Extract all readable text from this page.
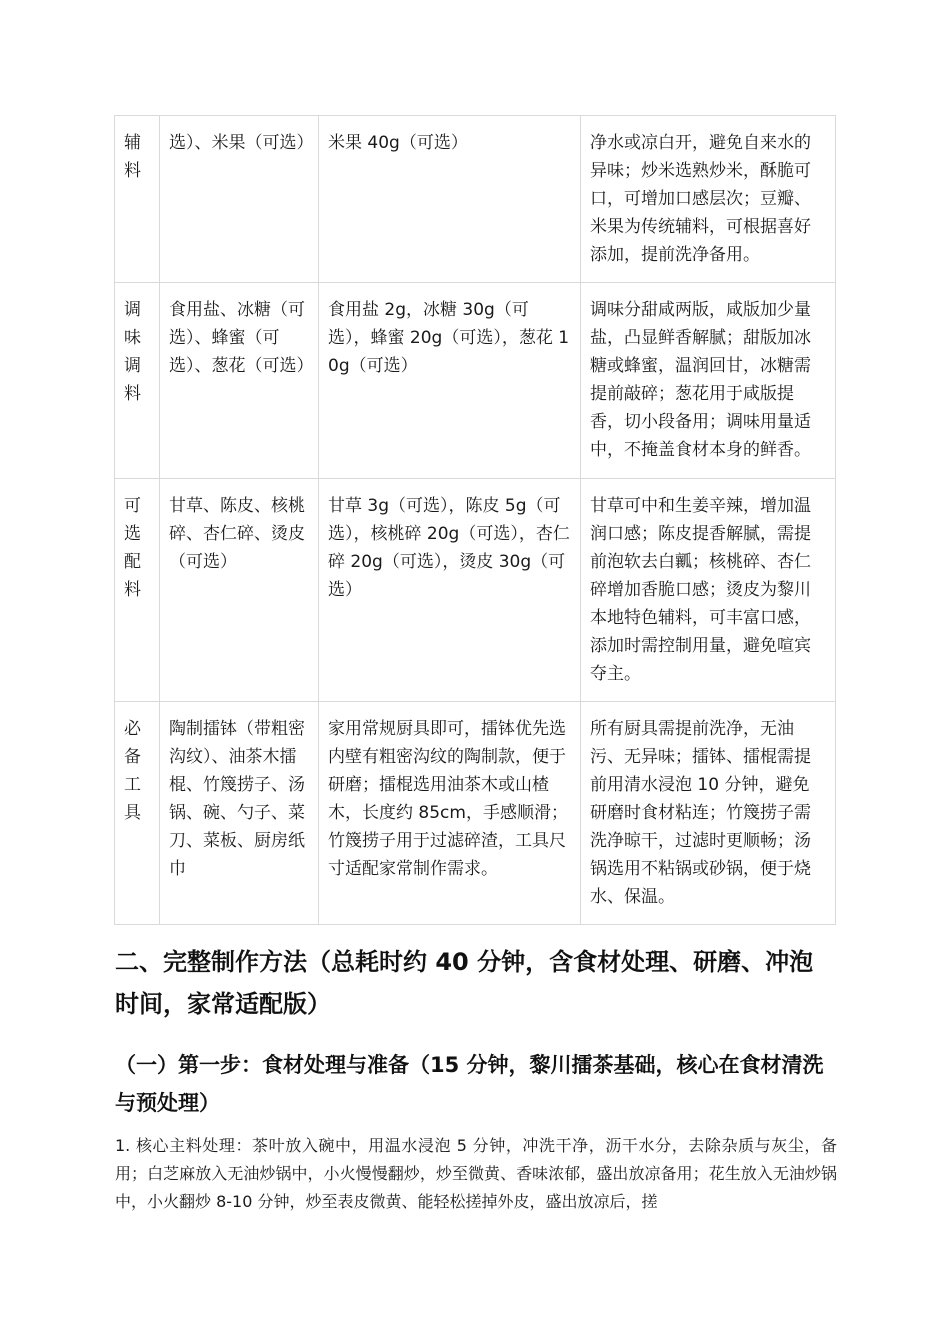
辅料	选）、米果（可选）	米果 40g（可选）	净水或凉白开，避免自来水的异味；炒米选熟炒米，酥脆可口，可增加口感层次；豆瓣、米果为传统辅料，可根据喜好添加，提前洗净备用。
调味调料	食用盐、冰糖（可选）、蜂蜜（可选）、葱花（可选）	食用盐 2g，冰糖 30g（可选），蜂蜜 20g（可选），葱花 10g（可选）	调味分甜咸两版，咸版加少量盐，凸显鲜香解腻；甜版加冰糖或蜂蜜，温润回甘，冰糖需提前敲碎；葱花用于咸版提香，切小段备用；调味用量适中，不掩盖食材本身的鲜香。
可选配料	甘草、陈皮、核桃碎、杏仁碎、烫皮（可选）	甘草 3g（可选），陈皮 5g（可选），核桃碎 20g（可选），杏仁碎 20g（可选），烫皮 30g（可选）	甘草可中和生姜辛辣，增加温润口感；陈皮提香解腻，需提前泡软去白瓤；核桃碎、杏仁碎增加香脆口感；烫皮为黎川本地特色辅料，可丰富口感，添加时需控制用量，避免喧宾夺主。
必备工具	陶制擂钵（带粗密沟纹）、油茶木擂棍、竹篾捞子、汤锅、碗、勺子、菜刀、菜板、厨房纸巾	家用常规厨具即可，擂钵优先选内壁有粗密沟纹的陶制款，便于研磨；擂棍选用油茶木或山楂木，长度约 85cm，手感顺滑；竹篾捞子用于过滤碎渣，工具尺寸适配家常制作需求。	所有厨具需提前洗净，无油污、无异味；擂钵、擂棍需提前用清水浸泡 10 分钟，避免研磨时食材粘连；竹篾捞子需洗净晾干，过滤时更顺畅；汤锅选用不粘锅或砂锅，便于烧水、保温。
二、完整制作方法（总耗时约 40 分钟，含食材处理、研磨、冲泡时间，家常适配版）
（一）第一步：食材处理与准备（15 分钟，黎川擂茶基础，核心在食材清洗与预处理）
1. 核心主料处理：茶叶放入碗中，用温水浸泡 5 分钟，冲洗干净，沥干水分，去除杂质与灰尘，备用；白芝麻放入无油炒锅中，小火慢慢翻炒，炒至微黄、香味浓郁，盛出放凉备用；花生放入无油炒锅中，小火翻炒 8-10 分钟，炒至表皮微黄、能轻松搓掉外皮，盛出放凉后，搓
